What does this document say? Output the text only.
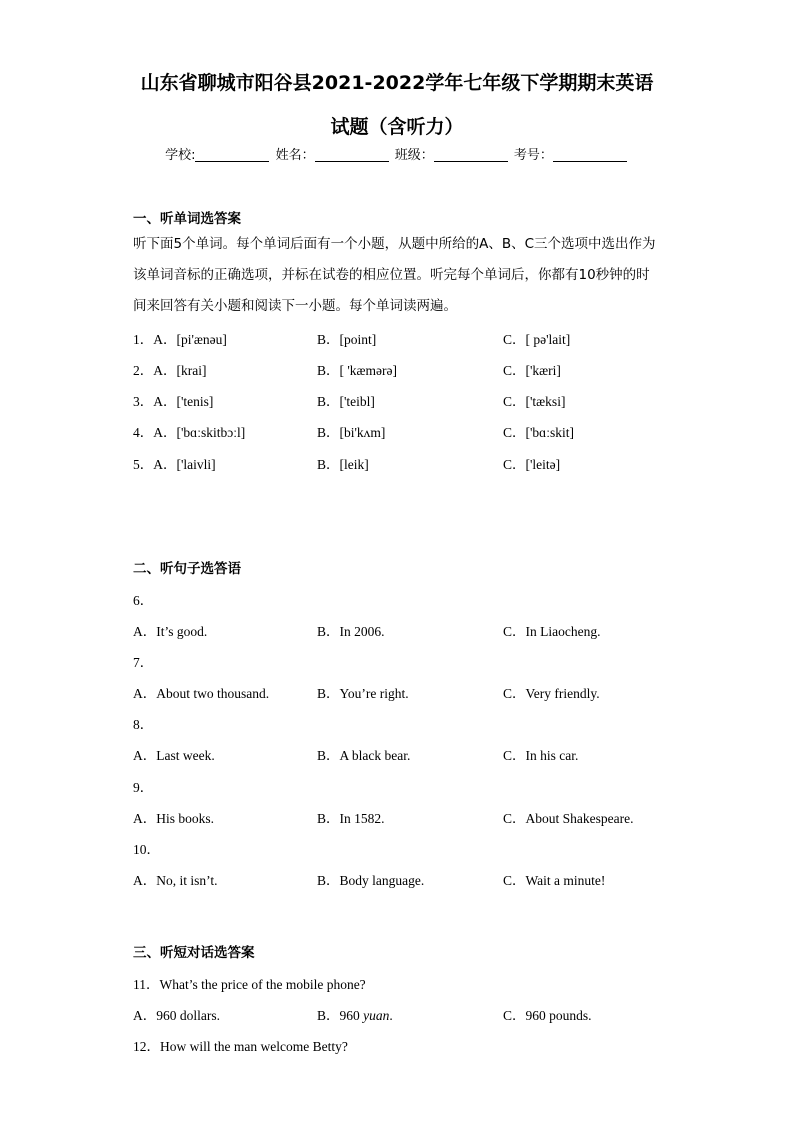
山东省聊城市阳谷县2021-2022学年七年级下学期期末英语
试题（含听力）
学校:	姓名：	班级：	考号：
一、听单词选答案
听下面5个单词。每个单词后面有一个小题，从题中所给的A、B、C三个选项中选出作为该单词音标的正确选项，并标在试卷的相应位置。听完每个单词后，你都有10秒钟的时间来回答有关小题和阅读下一小题。每个单词读两遍。
1．A．[pi'ænəu]	B．[point]	C．[ pə'lait]
2．A．[krai]	B．[ 'kæmərə]	C．['kæri]
3．A．['tenis]	B．['teibl]	C．['tæksi]
4．A．['bɑːskitbɔːl]	B．[bi'kʌm]	C．['bɑːskit]
5．A．['laivli]	B．[leik]	C．['leitə]
二、听句子选答语
6．
A．It’s good.	B．In 2006.	C．In Liaocheng.
7．
A．About two thousand.	B．You’re right.	C．Very friendly.
8．
A．Last week.	B．A black bear.	C．In his car.
9．
A．His books.	B．In 1582.	C．About Shakespeare.
10．
A．No, it isn’t.	B．Body language.	C．Wait a minute!
三、听短对话选答案
11．What’s the price of the mobile phone?
A．960 dollars.	B．960 yuan.	C．960 pounds.
12．How will the man welcome Betty?
